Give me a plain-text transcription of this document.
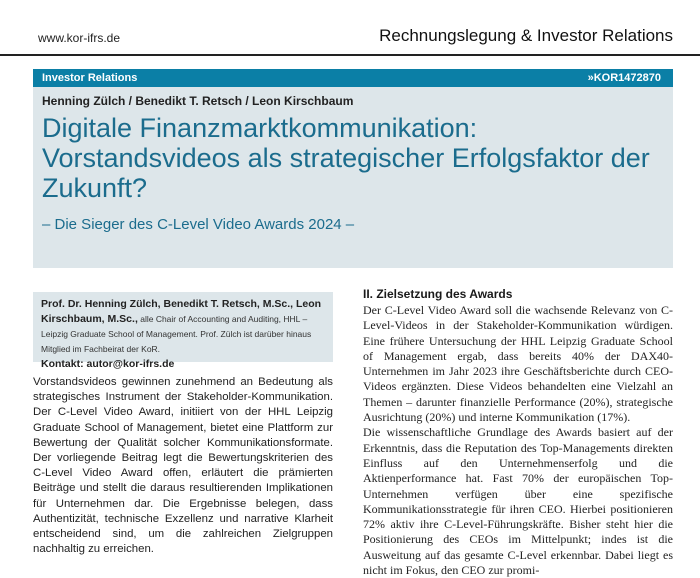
www.kor-ifrs.de	Rechnungslegung & Investor Relations
Investor Relations	»KOR1472870
Henning Zülch / Benedikt T. Retsch / Leon Kirschbaum
Digitale Finanzmarktkommunikation: Vorstandsvideos als strategischer Erfolgsfaktor der Zukunft?
– Die Sieger des C-Level Video Awards 2024 –
Prof. Dr. Henning Zülch, Benedikt T. Retsch, M.Sc., Leon Kirschbaum, M.Sc., alle Chair of Accounting and Auditing, HHL – Leipzig Graduate School of Management. Prof. Zülch ist darüber hinaus Mitglied im Fachbeirat der KoR.
Kontakt: autor@kor-ifrs.de

Vorstandsvideos gewinnen zunehmend an Bedeutung als strategisches Instrument der Stakeholder-Kommunikation. Der C-Level Video Award, initiiert von der HHL Leipzig Graduate School of Management, bietet eine Plattform zur Bewertung der Qualität solcher Kommunikationsformate. Der vorliegende Beitrag legt die Bewertungskriterien des C-Level Video Award offen, erläutert die prämierten Beiträge und stellt die daraus resultierenden Implikationen für Unternehmen dar. Die Ergebnisse belegen, dass Authentizität, technische Exzellenz und narrative Klarheit entscheidend sind, um die zahlreichen Zielgruppen nachhaltig zu erreichen.

II. Zielsetzung des Awards

Der C-Level Video Award soll die wachsende Relevanz von C-Level-Videos in der Stakeholder-Kommunikation würdigen. Eine frühere Untersuchung der HHL Leipzig Graduate School of Management ergab, dass bereits 40% der DAX40-Unternehmen im Jahr 2023 ihre Geschäftsberichte durch CEO-Videos ergänzten. Diese Videos behandelten eine Vielzahl an Themen – darunter finanzielle Performance (20%), strategische Ausrichtung (20%) und interne Kommunikation (17%).

Die wissenschaftliche Grundlage des Awards basiert auf der Erkenntnis, dass die Reputation des Top-Managements direkten Einfluss auf den Unternehmenserfolg und die Aktienperformance hat. Fast 70% der europäischen Top-Unternehmen verfügen über eine spezifische Kommunikationsstrategie für ihren CEO. Hierbei positionieren 72% aktiv ihre C-Level-Führungskräfte. Bisher steht hier die Positionierung des CEOs im Mittelpunkt; indes ist die Ausweitung auf das gesamte C-Level erkennbar. Dabei liegt es nicht im Fokus, den CEO zur promi-
